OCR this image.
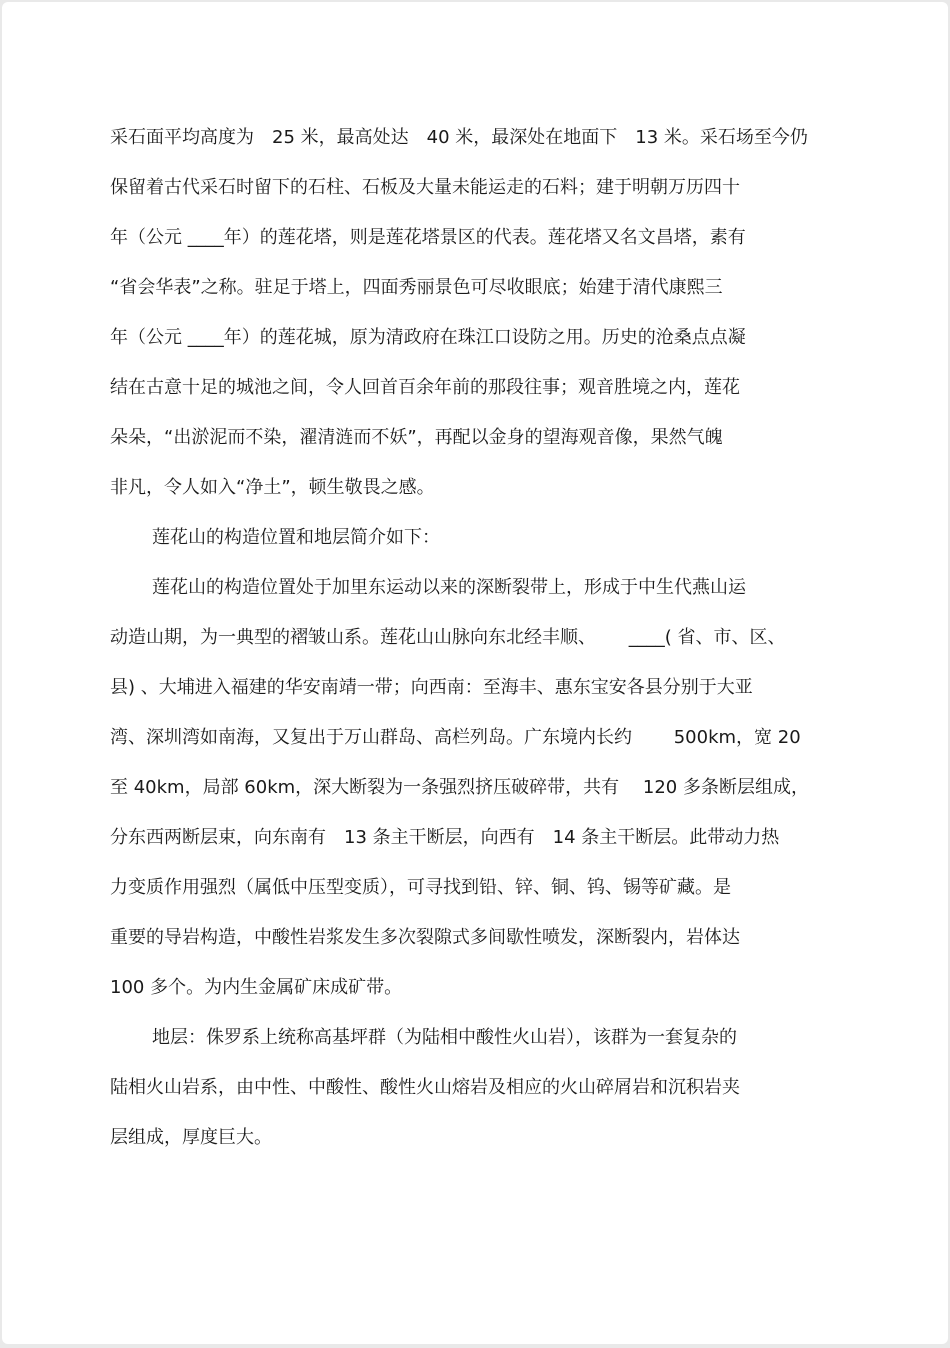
采石面平均高度为　25 米，最高处达　40 米，最深处在地面下　13 米。采石场至今仍
保留着古代采石时留下的石柱、石板及大量未能运走的石料；建于明朝万历四十
年（公元 ____年）的莲花塔，则是莲花塔景区的代表。莲花塔又名文昌塔，素有
“省会华表”之称。驻足于塔上，四面秀丽景色可尽收眼底；始建于清代康熙三
年（公元 ____年）的莲花城，原为清政府在珠江口设防之用。历史的沧桑点点凝
结在古意十足的城池之间，令人回首百余年前的那段往事；观音胜境之内，莲花
朵朵，“出淤泥而不染，濯清涟而不妖”，再配以金身的望海观音像，果然气魄
非凡，令人如入“净土”，顿生敬畏之感。
莲花山的构造位置和地层简介如下：
莲花山的构造位置处于加里东运动以来的深断裂带上，形成于中生代燕山运
动造山期，为一典型的褶皱山系。莲花山山脉向东北经丰顺、　　 ____( 省、市、区、
县) 、大埔进入福建的华安南靖一带；向西南：至海丰、惠东宝安各县分别于大亚
湾、深圳湾如南海，又复出于万山群岛、高栏列岛。广东境内长约　　 500km，宽 20
至 40km，局部 60km，深大断裂为一条强烈挤压破碎带，共有　 120 多条断层组成，
分东西两断层束，向东南有　13 条主干断层，向西有　14 条主干断层。此带动力热
力变质作用强烈（属低中压型变质），可寻找到铅、锌、铜、钨、锡等矿藏。是
重要的导岩构造，中酸性岩浆发生多次裂隙式多间歇性喷发，深断裂内，岩体达
100 多个。为内生金属矿床成矿带。
地层：侏罗系上统称高基坪群（为陆相中酸性火山岩），该群为一套复杂的
陆相火山岩系，由中性、中酸性、酸性火山熔岩及相应的火山碎屑岩和沉积岩夹
层组成，厚度巨大。
